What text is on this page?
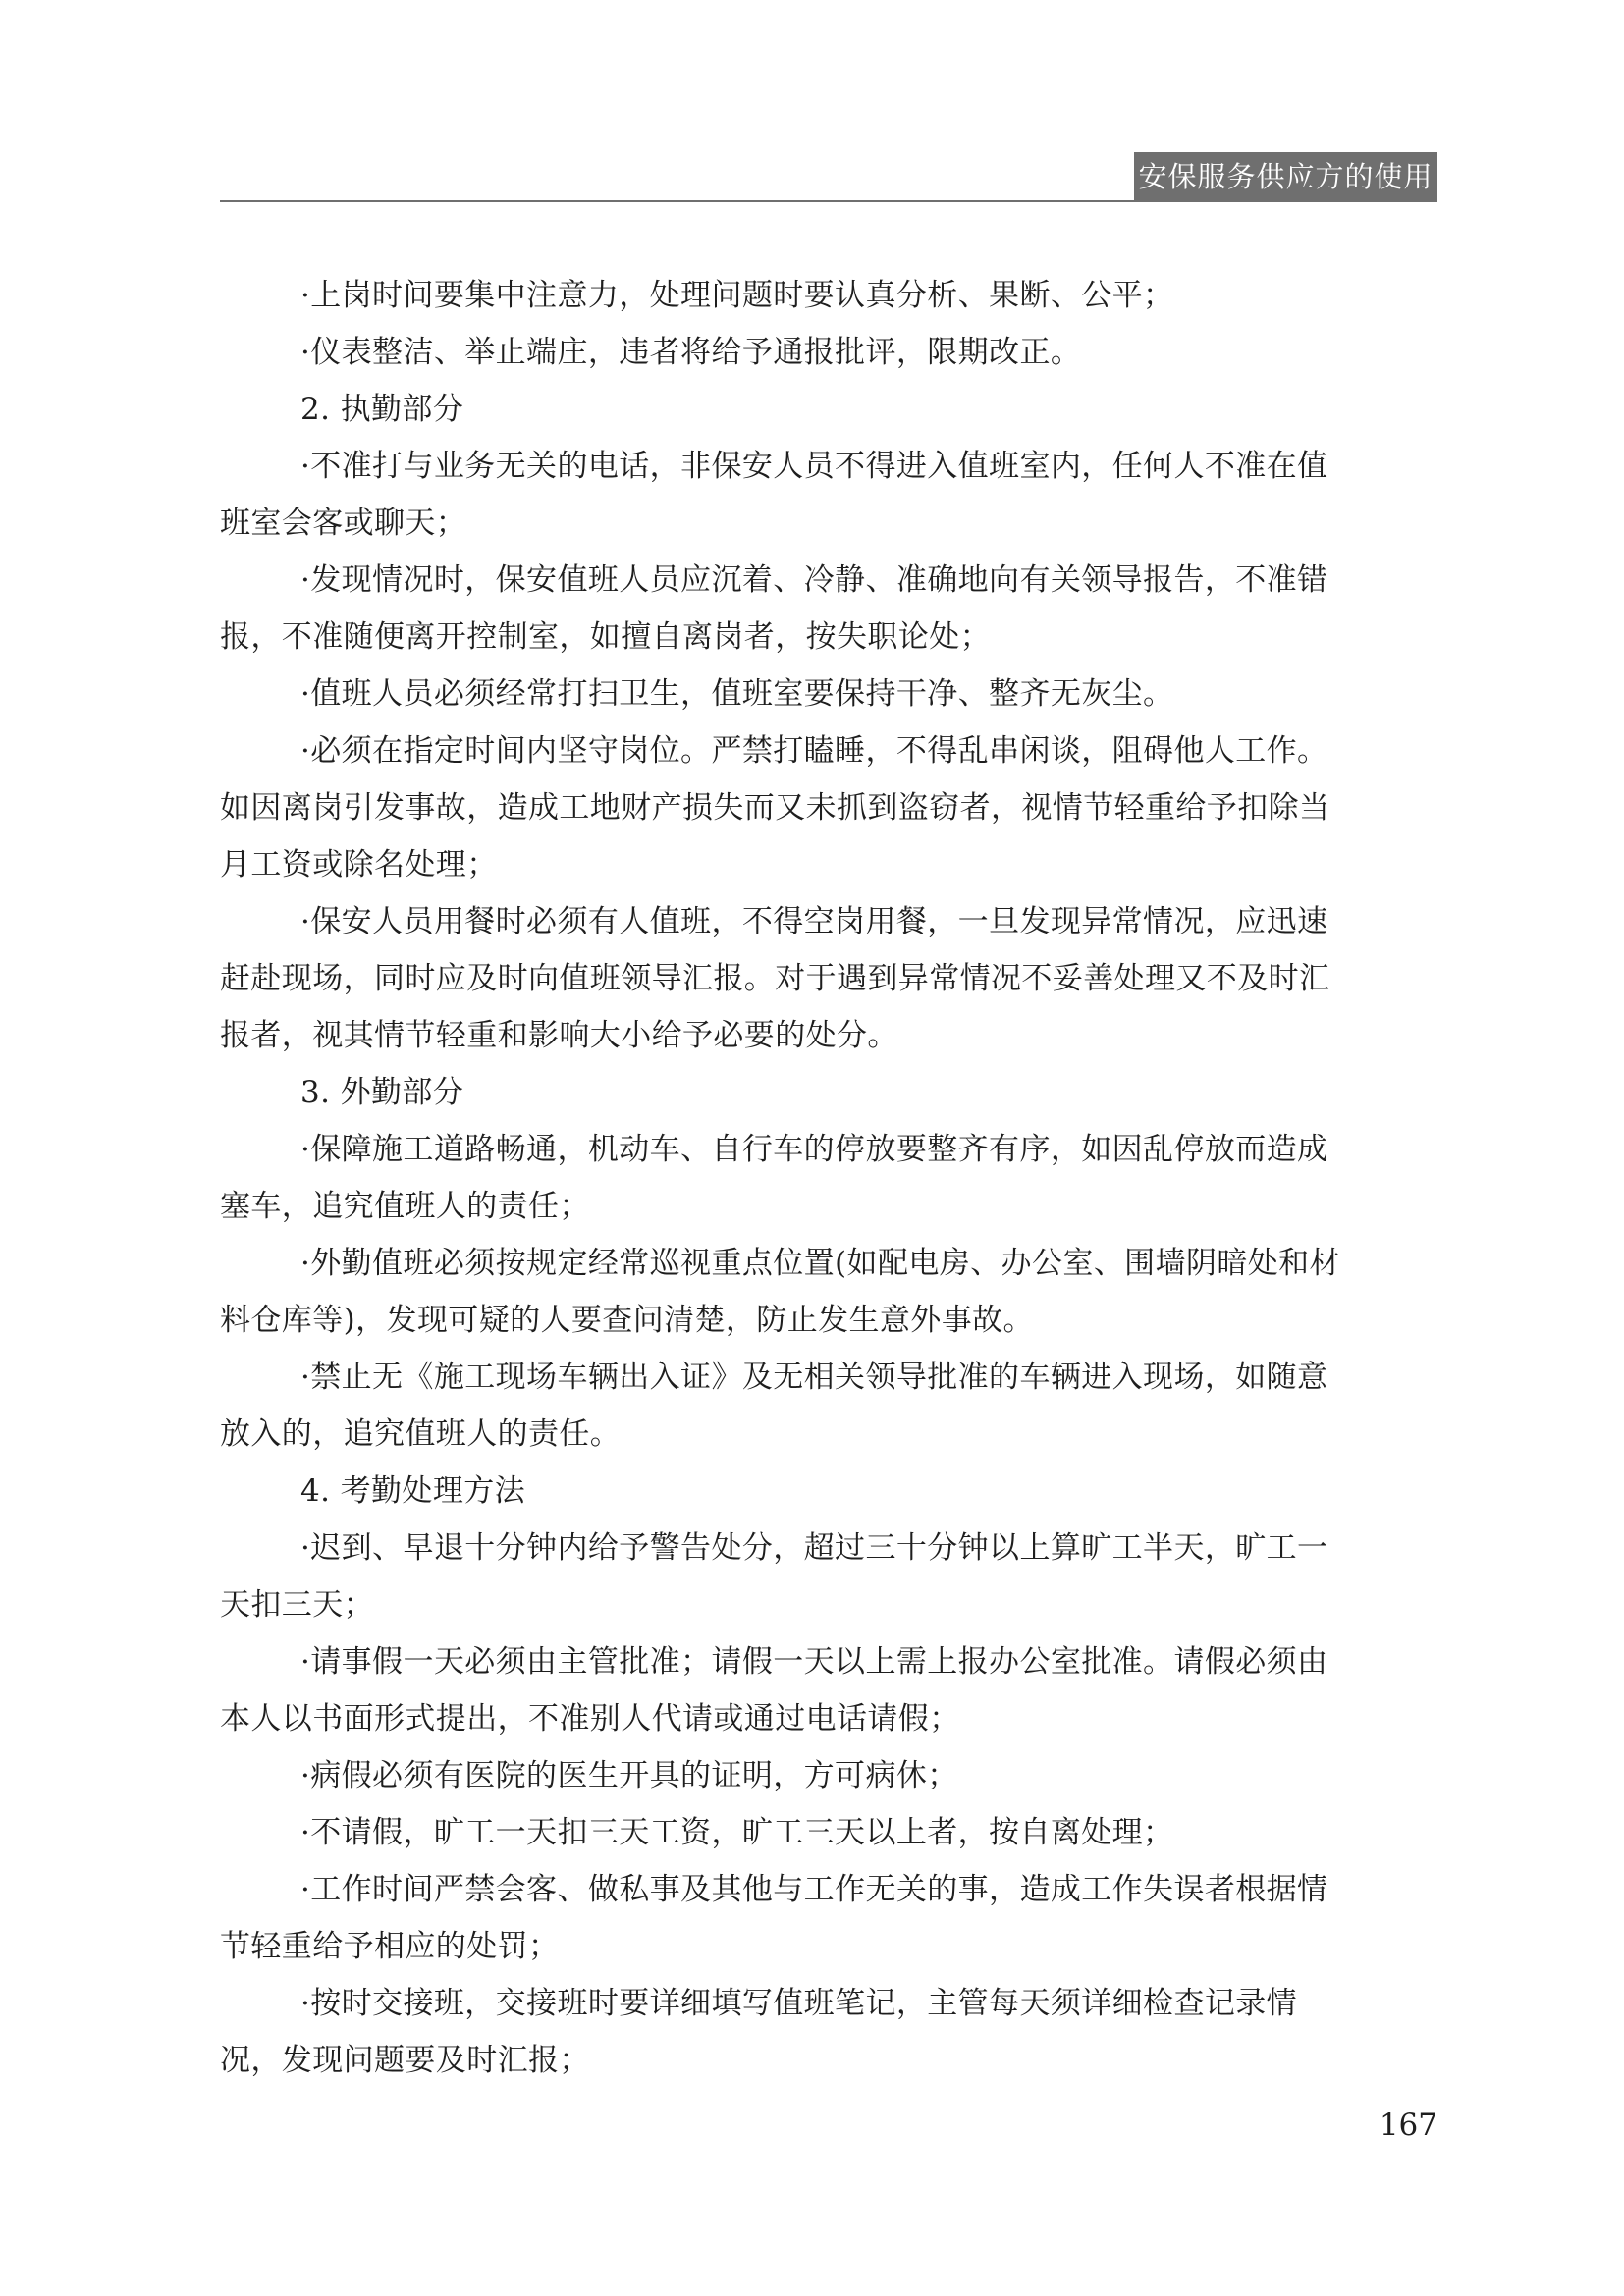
安保服务供应方的使用
·上岗时间要集中注意力，处理问题时要认真分析、果断、公平；
·仪表整洁、举止端庄，违者将给予通报批评，限期改正。
2. 执勤部分
·不准打与业务无关的电话，非保安人员不得进入值班室内，任何人不准在值
班室会客或聊天；
·发现情况时，保安值班人员应沉着、冷静、准确地向有关领导报告，不准错
报，不准随便离开控制室，如擅自离岗者，按失职论处；
·值班人员必须经常打扫卫生，值班室要保持干净、整齐无灰尘。
·必须在指定时间内坚守岗位。严禁打瞌睡，不得乱串闲谈，阻碍他人工作。
如因离岗引发事故，造成工地财产损失而又未抓到盗窃者，视情节轻重给予扣除当
月工资或除名处理；
·保安人员用餐时必须有人值班，不得空岗用餐，一旦发现异常情况，应迅速
赶赴现场，同时应及时向值班领导汇报。对于遇到异常情况不妥善处理又不及时汇
报者，视其情节轻重和影响大小给予必要的处分。
3. 外勤部分
·保障施工道路畅通，机动车、自行车的停放要整齐有序，如因乱停放而造成
塞车，追究值班人的责任；
·外勤值班必须按规定经常巡视重点位置(如配电房、办公室、围墙阴暗处和材
料仓库等)，发现可疑的人要查问清楚，防止发生意外事故。
·禁止无《施工现场车辆出入证》及无相关领导批准的车辆进入现场，如随意
放入的，追究值班人的责任。
4. 考勤处理方法
·迟到、早退十分钟内给予警告处分，超过三十分钟以上算旷工半天，旷工一
天扣三天；
·请事假一天必须由主管批准；请假一天以上需上报办公室批准。请假必须由
本人以书面形式提出，不准别人代请或通过电话请假；
·病假必须有医院的医生开具的证明，方可病休；
·不请假，旷工一天扣三天工资，旷工三天以上者，按自离处理；
·工作时间严禁会客、做私事及其他与工作无关的事，造成工作失误者根据情
节轻重给予相应的处罚；
·按时交接班，交接班时要详细填写值班笔记，主管每天须详细检查记录情
况，发现问题要及时汇报；
167
